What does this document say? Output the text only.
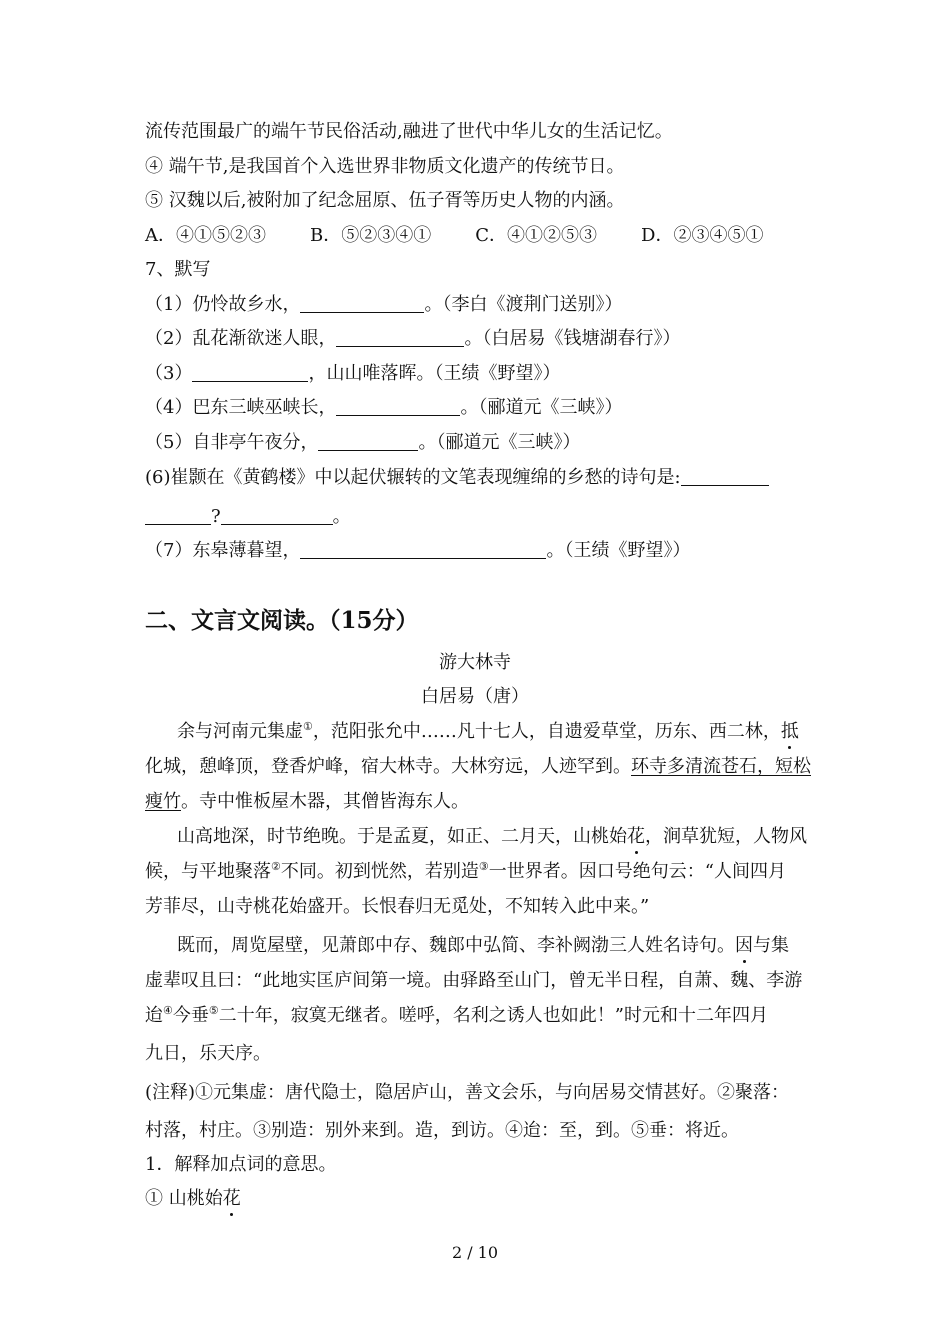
流传范围最广的端午节民俗活动,融进了世代中华儿女的生活记忆。
④ 端午节,是我国首个入选世界非物质文化遗产的传统节日。
⑤ 汉魏以后,被附加了纪念屈原、伍子胥等历史人物的内涵。
A．④①⑤②③ B．⑤②③④① C．④①②⑤③ D．②③④⑤①
7、默写
（1）仍怜故乡水，	。（李白《渡荆门送别》）
（2）乱花渐欲迷人眼，	。（白居易《钱塘湖春行》）
（3）	，山山唯落晖。（王绩《野望》）
（4）巴东三峡巫峡长，	。（郦道元《三峡》）
（5）自非亭午夜分，	。（郦道元《三峡》）
(6)崔颢在《黄鹤楼》中以起伏辗转的文笔表现缠绵的乡愁的诗句是:
?	。
（7）东皋薄暮望，	。（王绩《野望》）
二、文言文阅读。（15分）
游大林寺
白居易（唐）
余与河南元集虚①，范阳张允中……凡十七人，自遗爱草堂，历东、西二林，抵
化城，憩峰顶，登香炉峰，宿大林寺。大林穷远，人迹罕到。环寺多清流苍石，短松
瘦竹。寺中惟板屋木器，其僧皆海东人。
山高地深，时节绝晚。于是孟夏，如正、二月天，山桃始花，涧草犹短，人物风
候，与平地聚落②不同。初到恍然，若别造③一世界者。因口号绝句云：“人间四月
芳菲尽，山寺桃花始盛开。长恨春归无觅处，不知转入此中来。”
既而，周览屋壁，见萧郎中存、魏郎中弘简、李补阙渤三人姓名诗句。因与集
虚辈叹且曰：“此地实匡庐间第一境。由驿路至山门，曾无半日程，自萧、魏、李游
迨④今垂⑤二十年，寂寞无继者。嗟呼，名利之诱人也如此！”时元和十二年四月
九日，乐天序。
(注释)①元集虚：唐代隐士，隐居庐山，善文会乐，与向居易交情甚好。②聚落：
村落，村庄。③别造：别外来到。造，到访。④迨：至，到。⑤垂：将近。
1．解释加点词的意思。
① 山桃始花
2 / 10
